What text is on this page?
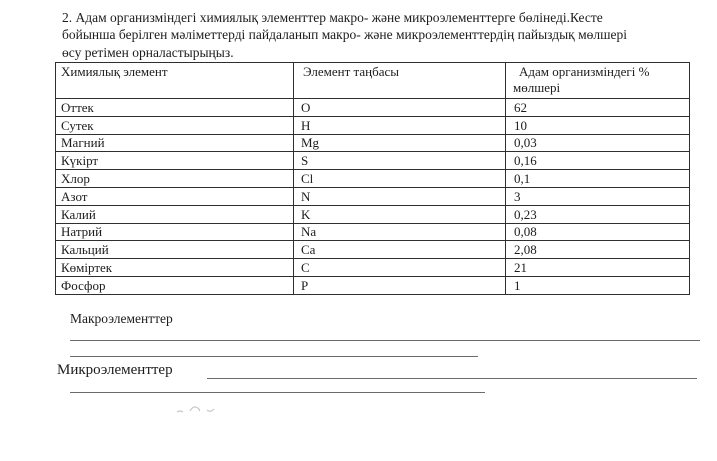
2. Адам организміндегі химиялық элементтер макро- және микроэлементтерге бөлінеді.Кесте
бойынша берілген мәліметтерді пайдаланып макро- және микроэлементтердің пайыздық мөлшері
өсу ретімен орналастырыңыз.
Химиялық элемент	Элемент таңбасы	Адам организміндегі % мөлшері
Оттек	O	62
Сутек	H	10
Магний	Mg	0,03
Күкірт	S	0,16
Хлор	Cl	0,1
Азот	N	3
Калий	K	0,23
Натрий	Na	0,08
Кальций	Ca	2,08
Көміртек	C	21
Фосфор	P	1
Макроэлементтер
Микроэлементтер
